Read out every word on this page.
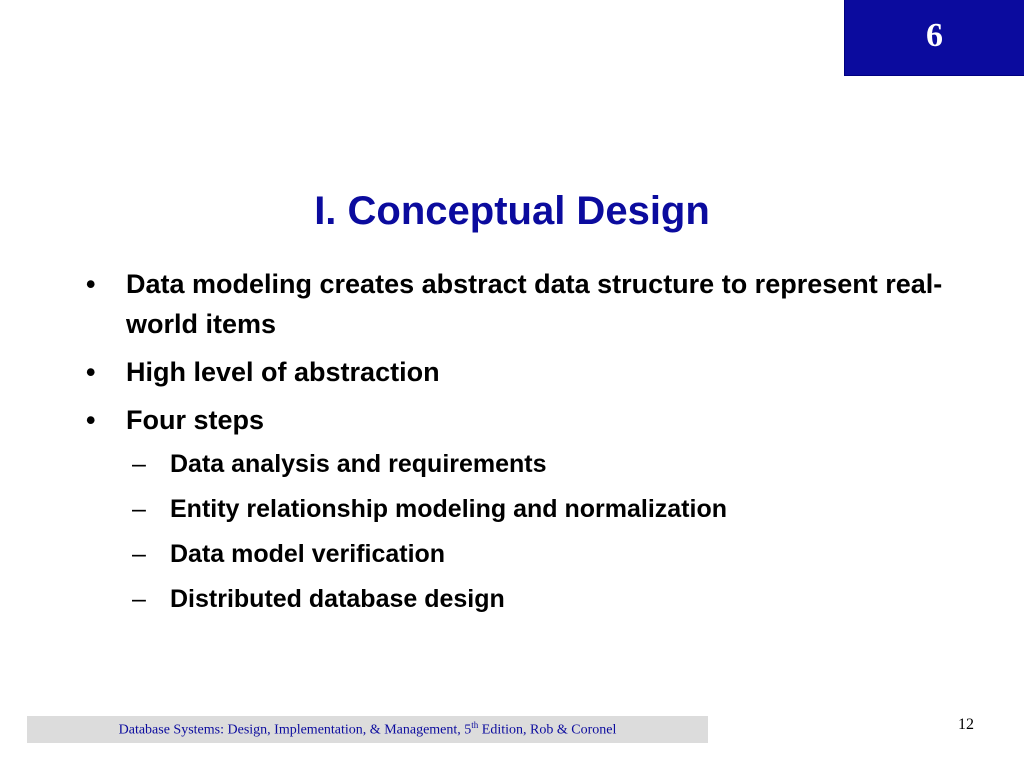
6
I. Conceptual Design
•	Data modeling creates abstract data structure to represent real-world items
•	High level of abstraction
•	Four steps
– Data analysis and requirements
– Entity relationship modeling and normalization
– Data model verification
– Distributed database design
Database Systems: Design, Implementation, & Management, 5th Edition, Rob & Coronel	12
